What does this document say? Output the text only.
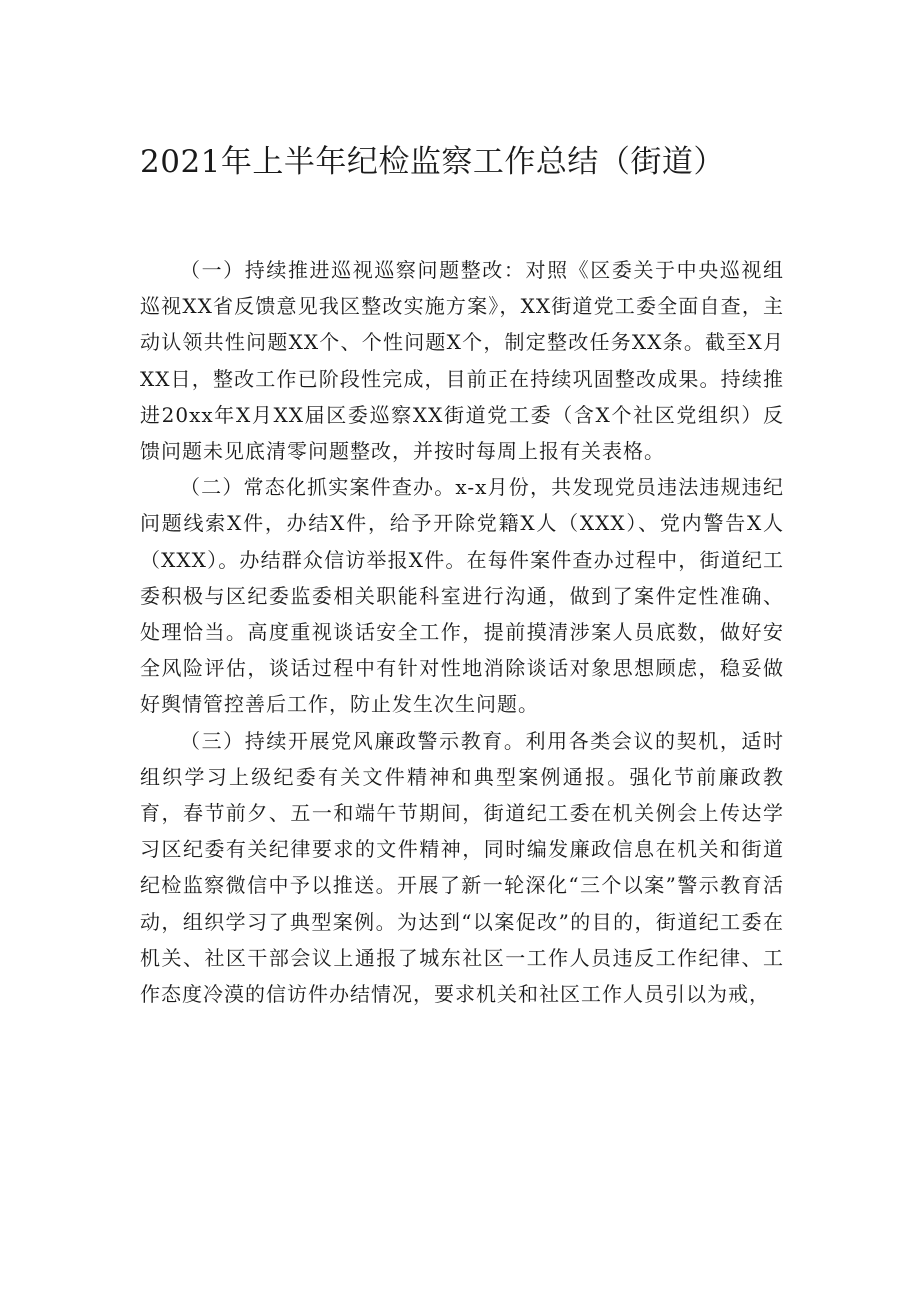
2021年上半年纪检监察工作总结（街道）

（一）持续推进巡视巡察问题整改：对照《区委关于中央巡视组巡视XX省反馈意见我区整改实施方案》，XX街道党工委全面自查，主动认领共性问题XX个、个性问题X个，制定整改任务XX条。截至X月XX日，整改工作已阶段性完成，目前正在持续巩固整改成果。持续推进20xx年X月XX届区委巡察XX街道党工委（含X个社区党组织）反馈问题未见底清零问题整改，并按时每周上报有关表格。

（二）常态化抓实案件查办。x-x月份，共发现党员违法违规违纪问题线索X件，办结X件，给予开除党籍X人（XXX）、党内警告X人（XXX）。办结群众信访举报X件。在每件案件查办过程中，街道纪工委积极与区纪委监委相关职能科室进行沟通，做到了案件定性准确、处理恰当。高度重视谈话安全工作，提前摸清涉案人员底数，做好安全风险评估，谈话过程中有针对性地消除谈话对象思想顾虑，稳妥做好舆情管控善后工作，防止发生次生问题。

（三）持续开展党风廉政警示教育。利用各类会议的契机，适时组织学习上级纪委有关文件精神和典型案例通报。强化节前廉政教育，春节前夕、五一和端午节期间，街道纪工委在机关例会上传达学习区纪委有关纪律要求的文件精神，同时编发廉政信息在机关和街道纪检监察微信中予以推送。开展了新一轮深化“三个以案”警示教育活动，组织学习了典型案例。为达到“以案促改”的目的，街道纪工委在机关、社区干部会议上通报了城东社区一工作人员违反工作纪律、工作态度冷漠的信访件办结情况，要求机关和社区工作人员引以为戒，
